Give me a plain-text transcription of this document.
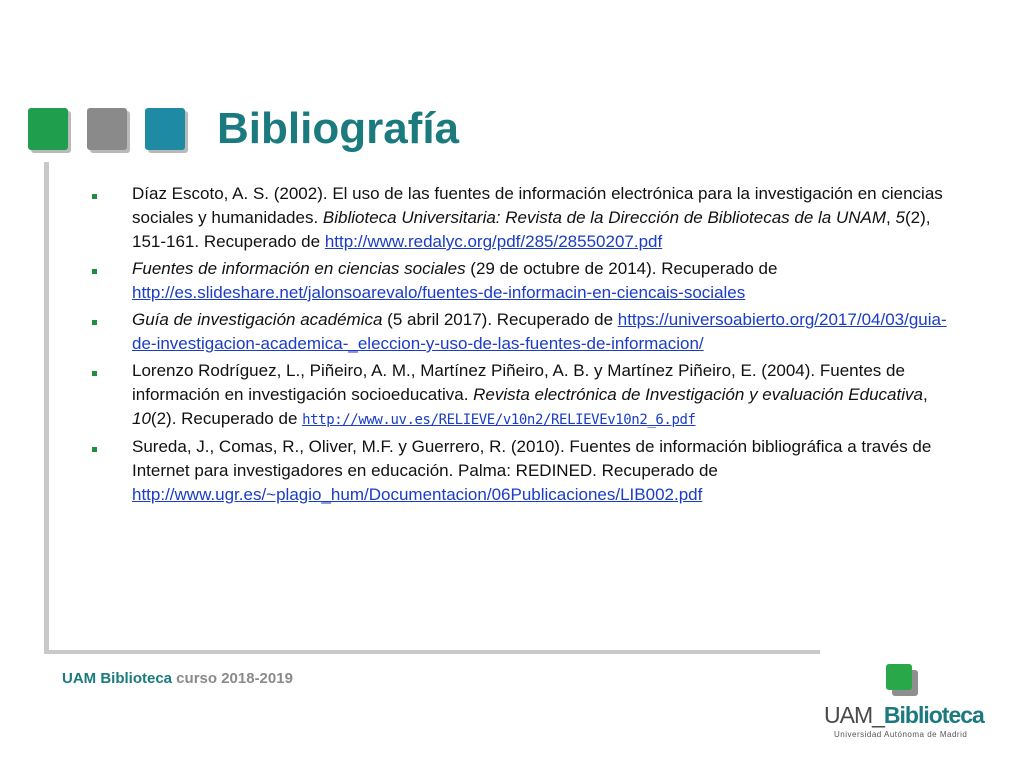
Bibliografía
Díaz Escoto, A. S. (2002). El uso de las fuentes de información electrónica para la investigación en ciencias sociales y humanidades. Biblioteca Universitaria: Revista de la Dirección de Bibliotecas de la UNAM, 5(2), 151-161. Recuperado de http://www.redalyc.org/pdf/285/28550207.pdf
Fuentes de información en ciencias sociales (29 de octubre de 2014). Recuperado de http://es.slideshare.net/jalonsoarevalo/fuentes-de-informacin-en-ciencais-sociales
Guía de investigación académica (5 abril 2017). Recuperado de https://universoabierto.org/2017/04/03/guia-de-investigacion-academica-_eleccion-y-uso-de-las-fuentes-de-informacion/
Lorenzo Rodríguez, L., Piñeiro, A. M., Martínez Piñeiro, A. B. y Martínez Piñeiro, E. (2004). Fuentes de información en investigación socioeducativa. Revista electrónica de Investigación y evaluación Educativa, 10(2). Recuperado de http://www.uv.es/RELIEVE/v10n2/RELIEVEv10n2_6.pdf
Sureda, J., Comas, R., Oliver, M.F. y Guerrero, R. (2010). Fuentes de información bibliográfica a través de Internet para investigadores en educación. Palma: REDINED. Recuperado de http://www.ugr.es/~plagio_hum/Documentacion/06Publicaciones/LIB002.pdf
UAM Biblioteca curso 2018-2019
UAM_Biblioteca
Universidad Autónoma de Madrid
